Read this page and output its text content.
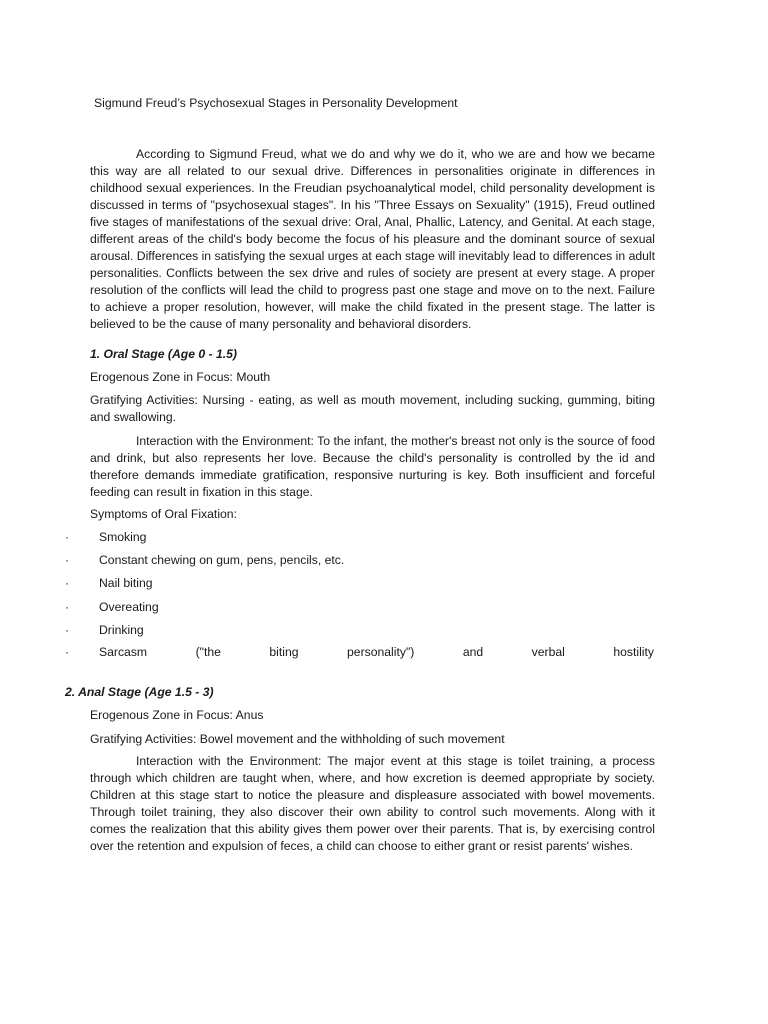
Sigmund Freud’s Psychosexual Stages in Personality Development
According to Sigmund Freud, what we do and why we do it, who we are and how we became this way are all related to our sexual drive. Differences in personalities originate in differences in childhood sexual experiences. In the Freudian psychoanalytical model, child personality development is discussed in terms of "psychosexual stages". In his "Three Essays on Sexuality" (1915), Freud outlined five stages of manifestations of the sexual drive: Oral, Anal, Phallic, Latency, and Genital. At each stage, different areas of the child's body become the focus of his pleasure and the dominant source of sexual arousal. Differences in satisfying the sexual urges at each stage will inevitably lead to differences in adult personalities. Conflicts between the sex drive and rules of society are present at every stage. A proper resolution of the conflicts will lead the child to progress past one stage and move on to the next. Failure to achieve a proper resolution, however, will make the child fixated in the present stage. The latter is believed to be the cause of many personality and behavioral disorders.
1. Oral Stage (Age 0 - 1.5)
Erogenous Zone in Focus: Mouth
Gratifying Activities: Nursing - eating, as well as mouth movement, including sucking, gumming, biting and swallowing.
Interaction with the Environment: To the infant, the mother's breast not only is the source of food and drink, but also represents her love. Because the child's personality is controlled by the id and therefore demands immediate gratification, responsive nurturing is key. Both insufficient and forceful feeding can result in fixation in this stage.
Symptoms of Oral Fixation:
· Smoking
· Constant chewing on gum, pens, pencils, etc.
· Nail biting
· Overeating
· Drinking
· Sarcasm	("the	biting	personality")	and	verbal	hostility
2. Anal Stage (Age 1.5 - 3)
Erogenous Zone in Focus: Anus
Gratifying Activities: Bowel movement and the withholding of such movement
Interaction with the Environment: The major event at this stage is toilet training, a process through which children are taught when, where, and how excretion is deemed appropriate by society. Children at this stage start to notice the pleasure and displeasure associated with bowel movements. Through toilet training, they also discover their own ability to control such movements. Along with it comes the realization that this ability gives them power over their parents. That is, by exercising control over the retention and expulsion of feces, a child can choose to either grant or resist parents' wishes.
